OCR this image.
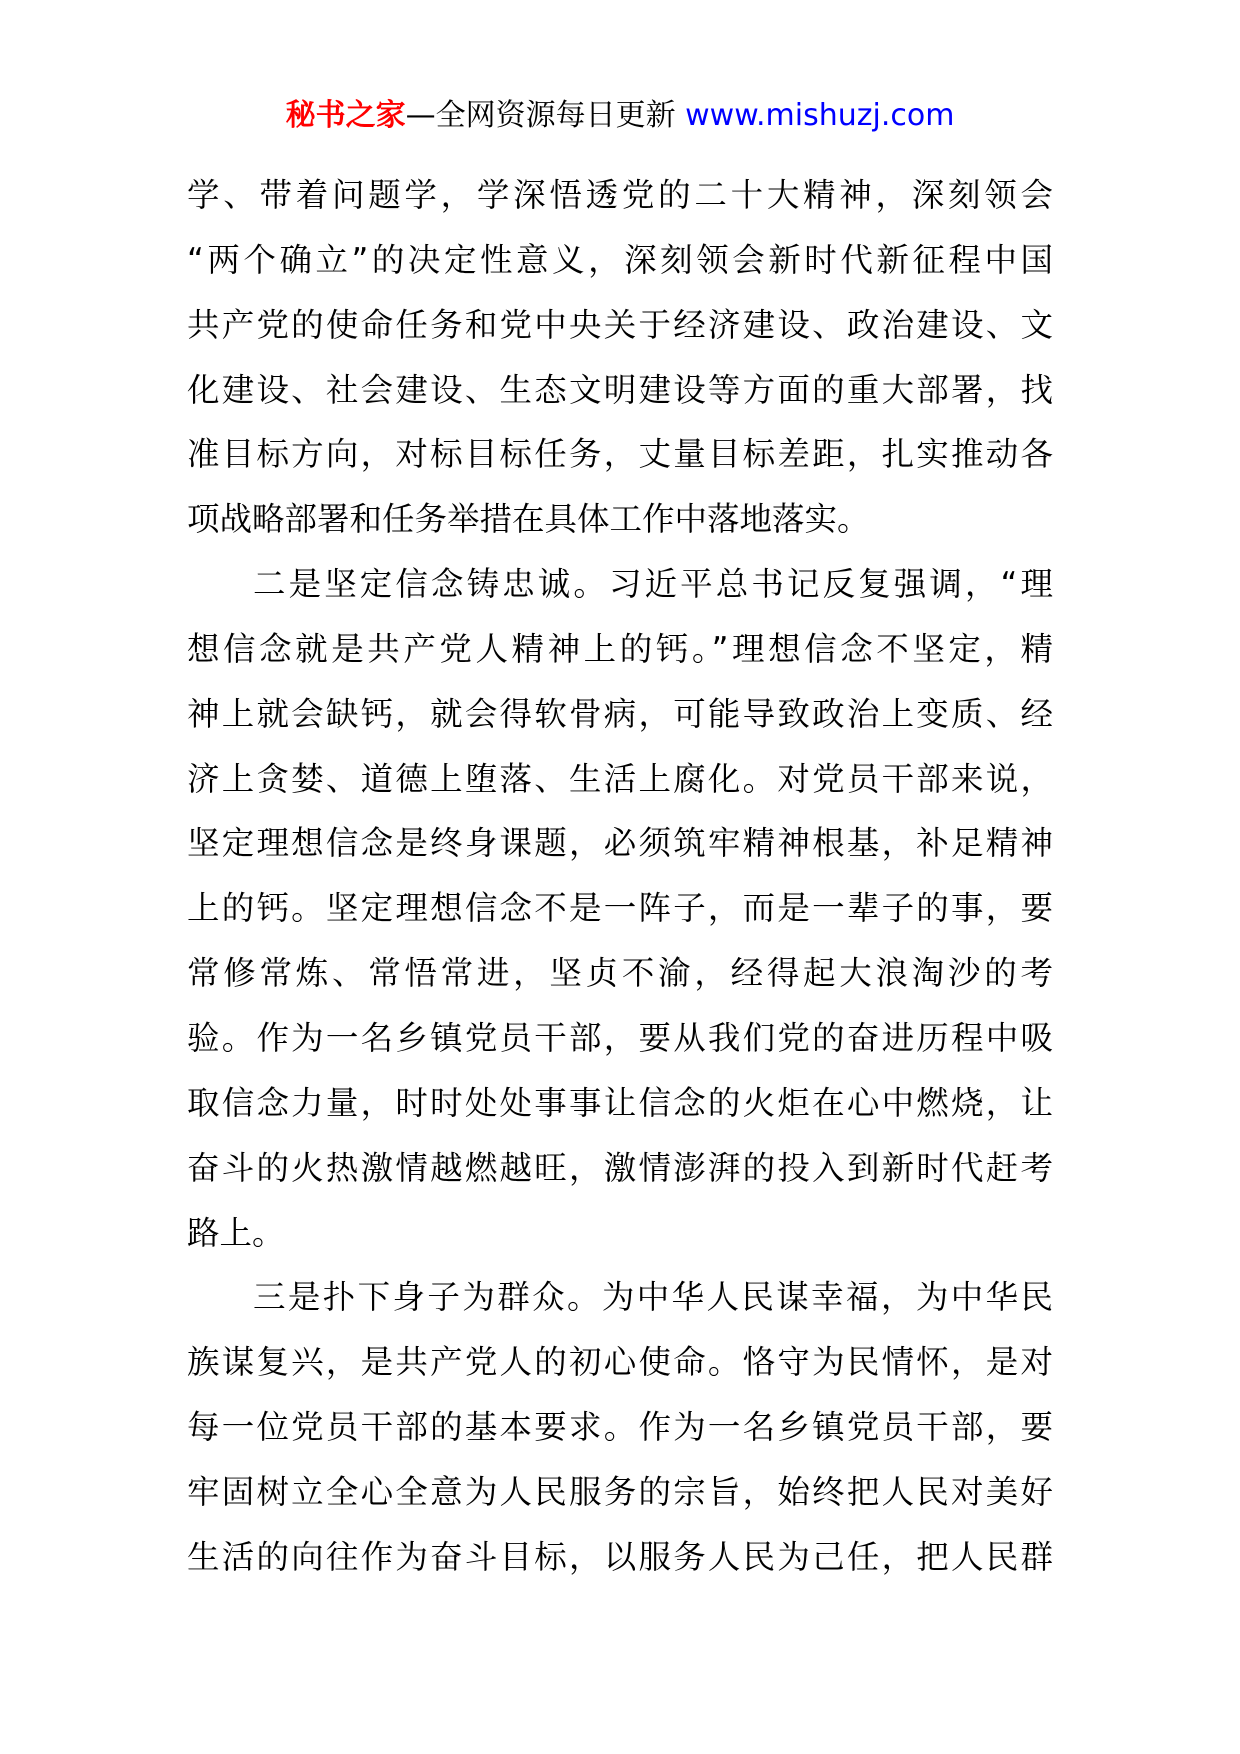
秘书之家—全网资源每日更新 www.mishuzj.com
学、带着问题学，学深悟透党的二十大精神，深刻领会
“两个确立”的决定性意义，深刻领会新时代新征程中国
共产党的使命任务和党中央关于经济建设、政治建设、文
化建设、社会建设、生态文明建设等方面的重大部署，找
准目标方向，对标目标任务，丈量目标差距，扎实推动各
项战略部署和任务举措在具体工作中落地落实。
二是坚定信念铸忠诚。习近平总书记反复强调，“理
想信念就是共产党人精神上的钙。”理想信念不坚定，精
神上就会缺钙，就会得软骨病，可能导致政治上变质、经
济上贪婪、道德上堕落、生活上腐化。对党员干部来说，
坚定理想信念是终身课题，必须筑牢精神根基，补足精神
上的钙。坚定理想信念不是一阵子，而是一辈子的事，要
常修常炼、常悟常进，坚贞不渝，经得起大浪淘沙的考
验。作为一名乡镇党员干部，要从我们党的奋进历程中吸
取信念力量，时时处处事事让信念的火炬在心中燃烧，让
奋斗的火热激情越燃越旺，激情澎湃的投入到新时代赶考
路上。
三是扑下身子为群众。为中华人民谋幸福，为中华民
族谋复兴，是共产党人的初心使命。恪守为民情怀，是对
每一位党员干部的基本要求。作为一名乡镇党员干部，要
牢固树立全心全意为人民服务的宗旨，始终把人民对美好
生活的向往作为奋斗目标，以服务人民为己任，把人民群
